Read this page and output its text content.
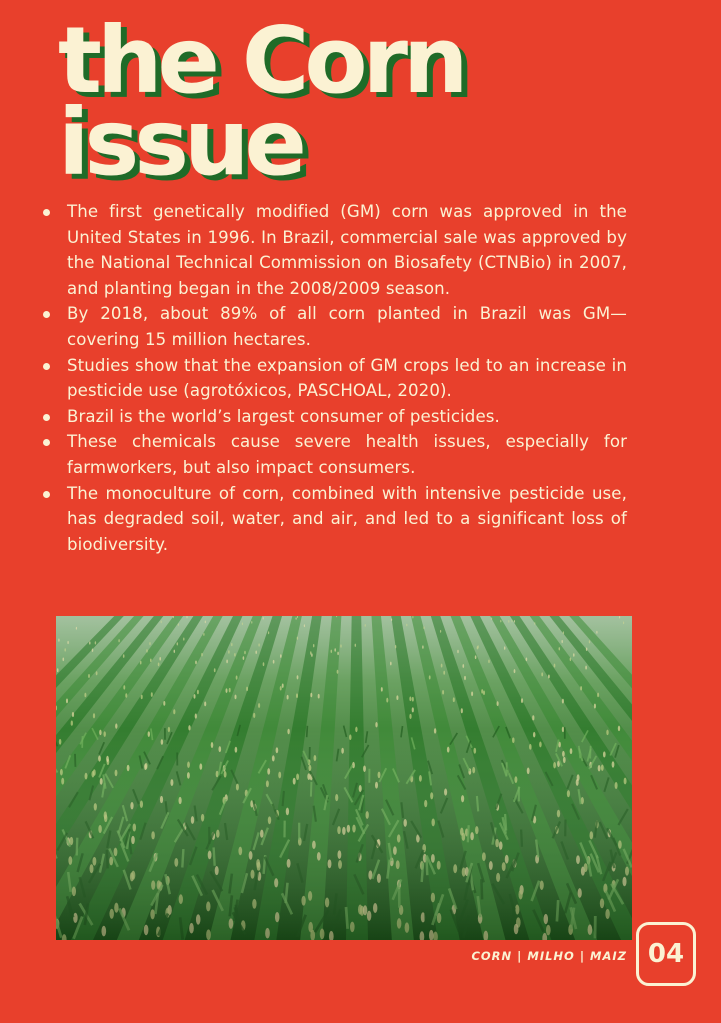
the Corn
issue
The first genetically modified (GM) corn was approved in the United States in 1996. In Brazil, commercial sale was approved by the National Technical Commission on Biosafety (CTNBio) in 2007, and planting began in the 2008/2009 season.
By 2018, about 89% of all corn planted in Brazil was GM—covering 15 million hectares.
Studies show that the expansion of GM crops led to an increase in pesticide use (agrotóxicos, PASCHOAL, 2020).
Brazil is the world’s largest consumer of pesticides.
These chemicals cause severe health issues, especially for farmworkers, but also impact consumers.
The monoculture of corn, combined with intensive pesticide use, has degraded soil, water, and air, and led to a significant loss of biodiversity.
CORN | MILHO | MAIZ 04
